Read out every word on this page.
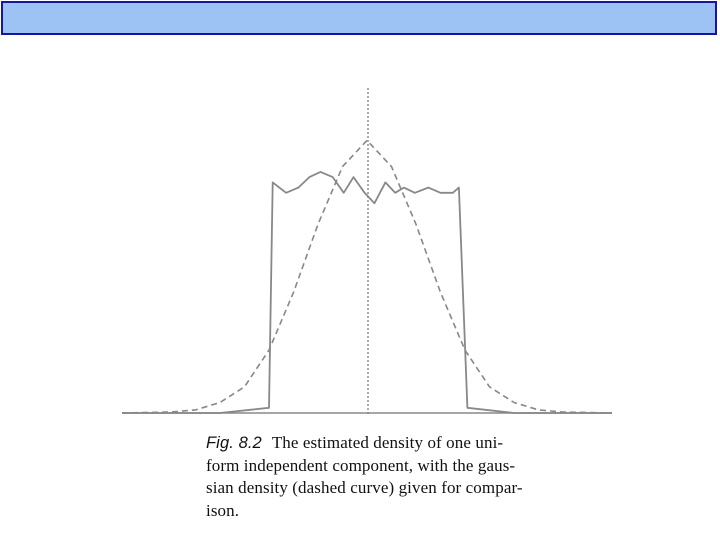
Fig. 8.2 The estimated density of one uni-
form independent component, with the gaus-
sian density (dashed curve) given for compar-
ison.
